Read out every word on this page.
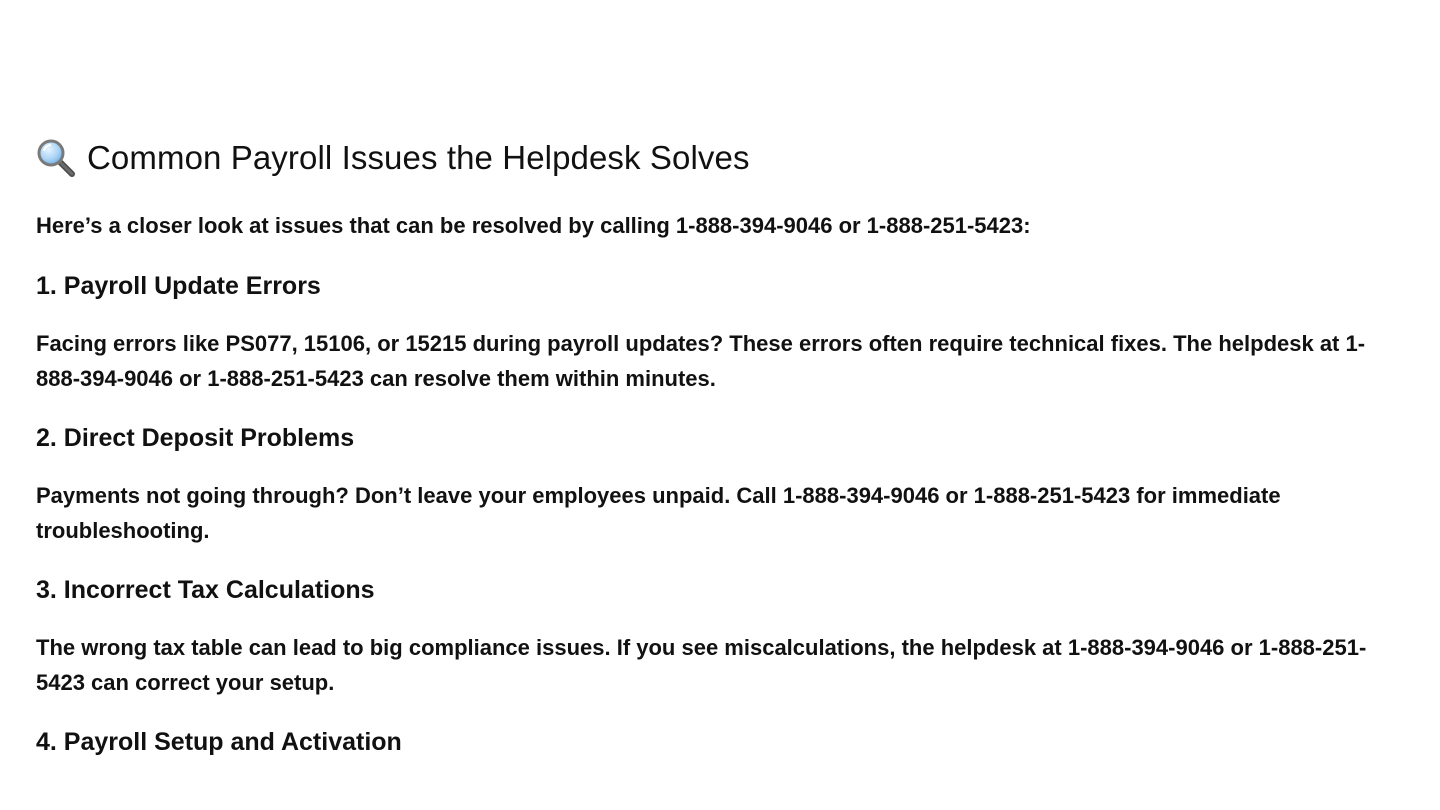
Common Payroll Issues the Helpdesk Solves

Here’s a closer look at issues that can be resolved by calling 1-888-394-9046 or 1-888-251-5423:

1. Payroll Update Errors

Facing errors like PS077, 15106, or 15215 during payroll updates? These errors often require technical fixes. The helpdesk at 1-888-394-9046 or 1-888-251-5423 can resolve them within minutes.

2. Direct Deposit Problems

Payments not going through? Don’t leave your employees unpaid. Call 1-888-394-9046 or 1-888-251-5423 for immediate troubleshooting.

3. Incorrect Tax Calculations

The wrong tax table can lead to big compliance issues. If you see miscalculations, the helpdesk at 1-888-394-9046 or 1-888-251-5423 can correct your setup.

4. Payroll Setup and Activation
